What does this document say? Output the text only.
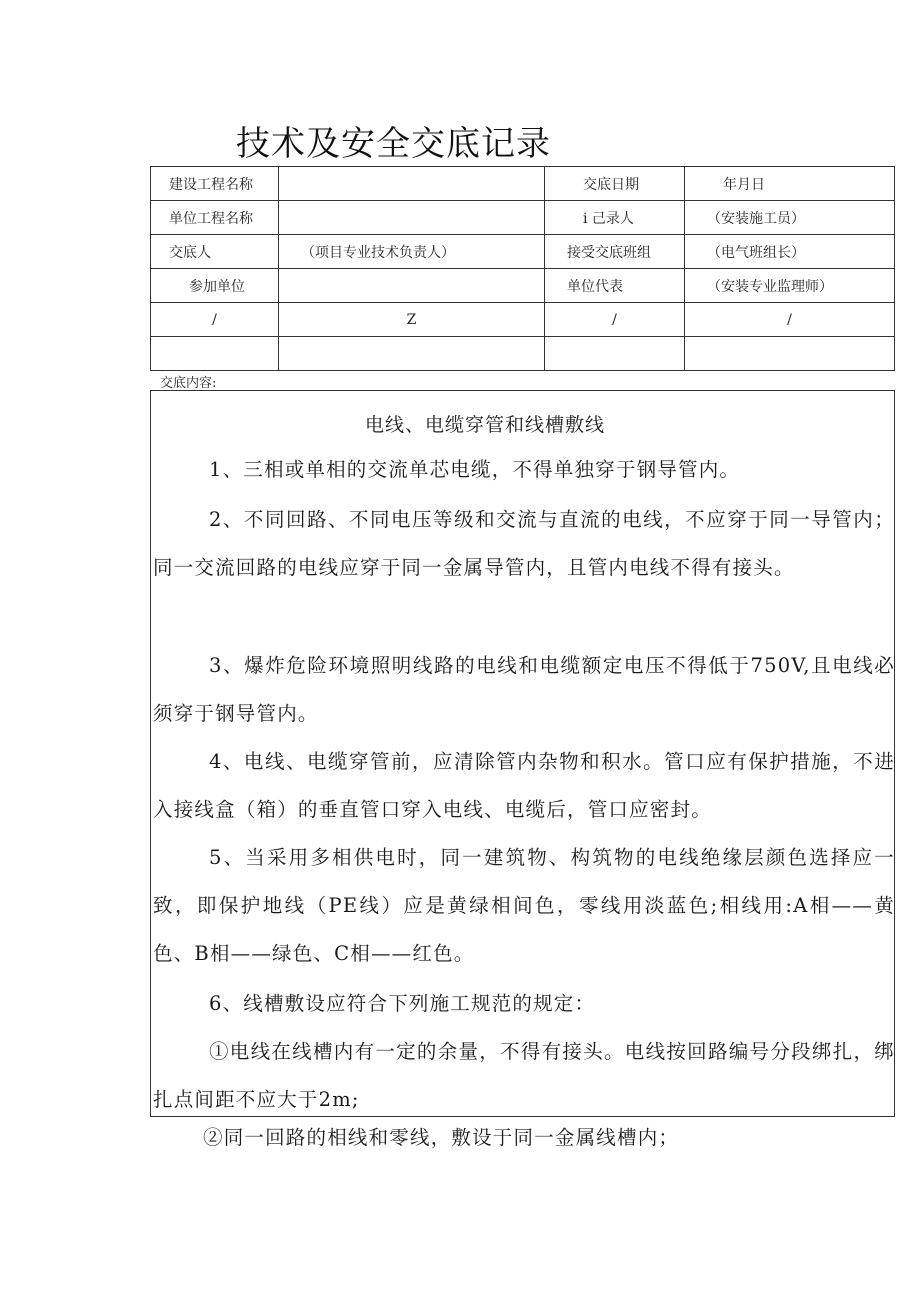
技术及安全交底记录
建设工程名称		交底日期	年月日
单位工程名称		i 己录人	（安装施工员）
交底人	（项目专业技术负责人）	接受交底班组	（电气班组长）
参加单位		单位代表	（安装专业监理师）
/	Z	/	/

交底内容:
电线、电缆穿管和线槽敷线

1、三相或单相的交流单芯电缆，不得单独穿于钢导管内。

2、不同回路、不同电压等级和交流与直流的电线，不应穿于同一导管内；同一交流回路的电线应穿于同一金属导管内，且管内电线不得有接头。

3、爆炸危险环境照明线路的电线和电缆额定电压不得低于750V,且电线必须穿于钢导管内。

4、电线、电缆穿管前，应清除管内杂物和积水。管口应有保护措施，不进入接线盒（箱）的垂直管口穿入电线、电缆后，管口应密封。

5、当采用多相供电时，同一建筑物、构筑物的电线绝缘层颜色选择应一致，即保护地线（PE线）应是黄绿相间色，零线用淡蓝色;相线用:A相——黄色、B相——绿色、C相——红色。

6、线槽敷设应符合下列施工规范的规定：

①电线在线槽内有一定的余量，不得有接头。电线按回路编号分段绑扎，绑扎点间距不应大于2m;

②同一回路的相线和零线，敷设于同一金属线槽内；
